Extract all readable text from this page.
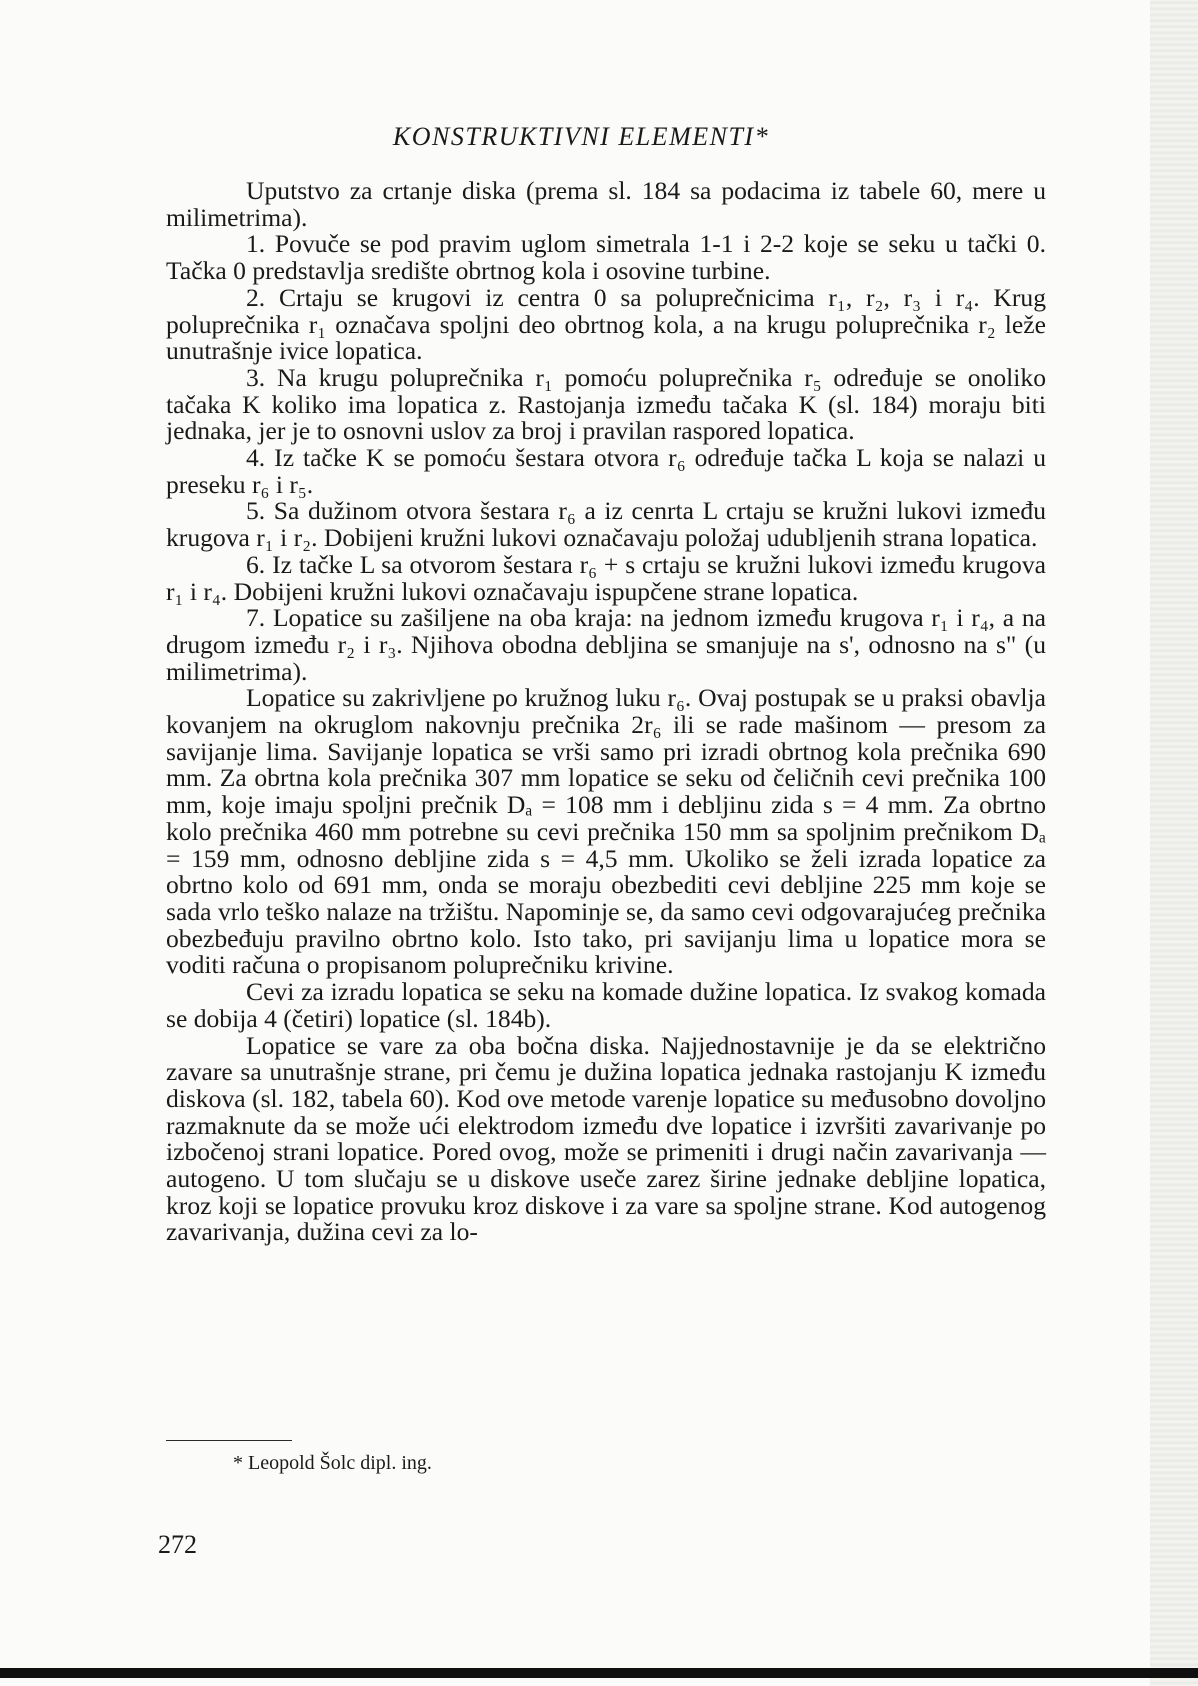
KONSTRUKTIVNI ELEMENTI*

Uputstvo za crtanje diska (prema sl. 184 sa podacima iz tabele 60, mere u milimetrima).

1. Povuče se pod pravim uglom simetrala 1-1 i 2-2 koje se seku u tački 0. Tačka 0 predstavlja središte obrtnog kola i osovine turbine.

2. Crtaju se krugovi iz centra 0 sa poluprečnicima r₁, r₂, r₃ i r₄. Krug poluprečnika r₁ označava spoljni deo obrtnog kola, a na krugu poluprečnika r₂ leže unutrašnje ivice lopatica.

3. Na krugu poluprečnika r₁ pomoću poluprečnika r₅ određuje se onoliko tačaka K koliko ima lopatica z. Rastojanja između tačaka K (sl. 184) moraju biti jednaka, jer je to osnovni uslov za broj i pravilan raspored lopatica.

4. Iz tačke K se pomoću šestara otvora r₆ određuje tačka L koja se nalazi u preseku r₆ i r₅.

5. Sa dužinom otvora šestara r₆ a iz cenrta L crtaju se kružni lukovi između krugova r₁ i r₂. Dobijeni kružni lukovi označavaju položaj udubljenih strana lopatica.

6. Iz tačke L sa otvorom šestara r₆ + s crtaju se kružni lukovi između krugova r₁ i r₄. Dobijeni kružni lukovi označavaju ispupčene strane lopatica.

7. Lopatice su zašiljene na oba kraja: na jednom između krugova r₁ i r₄, a na drugom između r₂ i r₃. Njihova obodna debljina se smanjuje na s', odnosno na s" (u milimetrima).

Lopatice su zakrivljene po kružnog luku r₆. Ovaj postupak se u praksi obavlja kovanjem na okruglom nakovnju prečnika 2r₆ ili se rade mašinom — presom za savijanje lima. Savijanje lopatica se vrši samo pri izradi obrtnog kola prečnika 690 mm. Za obrtna kola prečnika 307 mm lopatice se seku od čeličnih cevi prečnika 100 mm, koje imaju spoljni prečnik Dₐ = 108 mm i debljinu zida s = 4 mm. Za obrtno kolo prečnika 460 mm potrebne su cevi prečnika 150 mm sa spoljnim prečnikom Dₐ = 159 mm, odnosno debljine zida s = 4,5 mm. Ukoliko se želi izrada lopatice za obrtno kolo od 691 mm, onda se moraju obezbediti cevi debljine 225 mm koje se sada vrlo teško nalaze na tržištu. Napominje se, da samo cevi odgovarajućeg prečnika obezbeđuju pravilno obrtno kolo. Isto tako, pri savijanju lima u lopatice mora se voditi računa o propisanom poluprečniku krivine.

Cevi za izradu lopatica se seku na komade dužine lopatica. Iz svakog komada se dobija 4 (četiri) lopatice (sl. 184b).

Lopatice se vare za oba bočna diska. Najjednostavnije je da se električno zavare sa unutrašnje strane, pri čemu je dužina lopatica jednaka rastojanju K između diskova (sl. 182, tabela 60). Kod ove metode varenje lopatice su međusobno dovoljno razmaknute da se može ući elektrodom između dve lopatice i izvršiti zavarivanje po izbočenoj strani lopatice. Pored ovog, može se primeniti i drugi način zavarivanja — autogeno. U tom slučaju se u diskove useče zarez širine jednake debljine lopatica, kroz koji se lopatice provuku kroz diskove i za vare sa spoljne strane. Kod autogenog zavarivanja, dužina cevi za lo-

* Leopold Šolc dipl. ing.
272
